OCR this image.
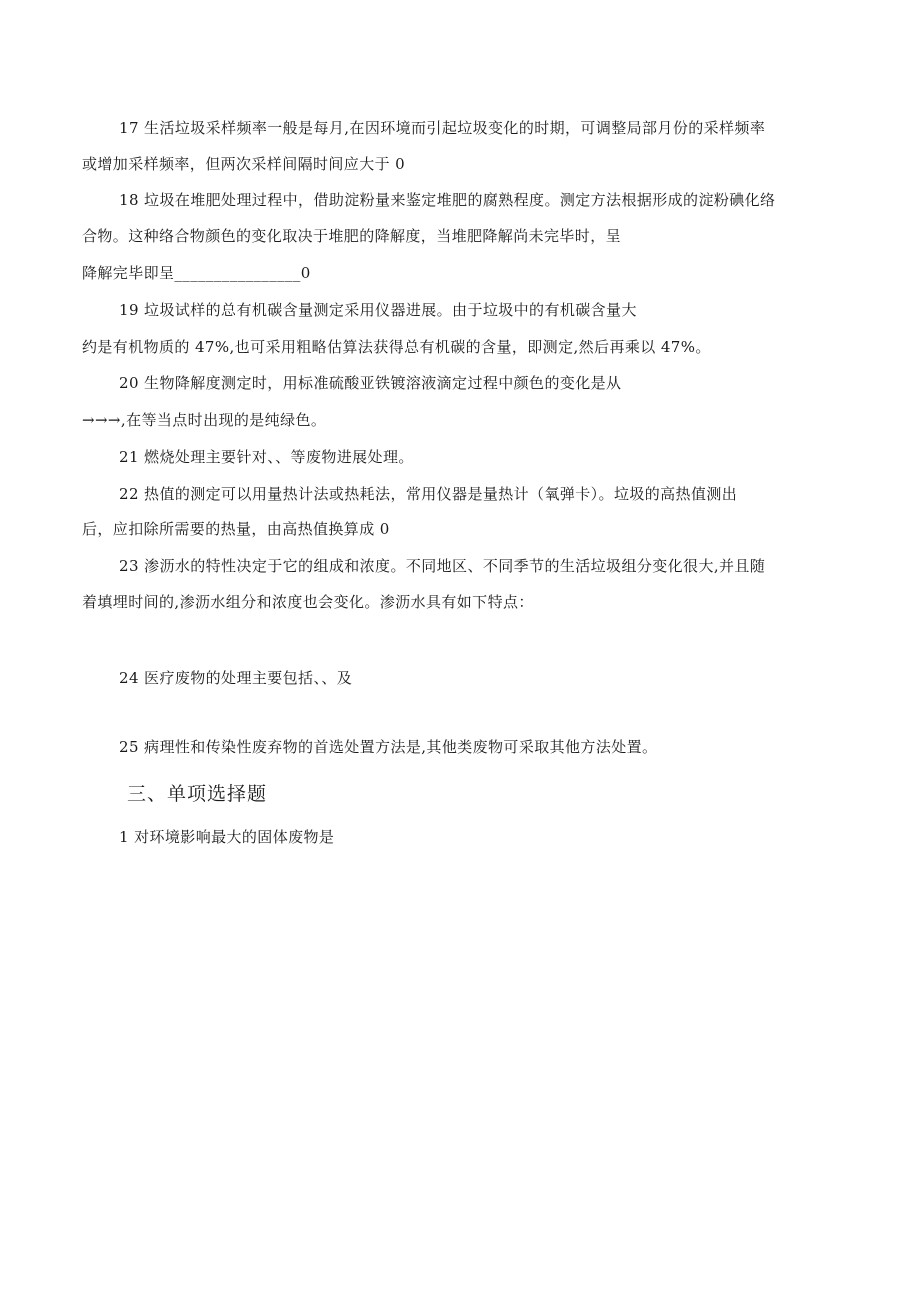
17 生活垃圾采样频率一般是每月,在因环境而引起垃圾变化的时期，可调整局部月份的采样频率
或增加采样频率，但两次采样间隔时间应大于 0
18 垃圾在堆肥处理过程中，借助淀粉量来鉴定堆肥的腐熟程度。测定方法根据形成的淀粉碘化络
合物。这种络合物颜色的变化取决于堆肥的降解度，当堆肥降解尚未完毕时，呈
降解完毕即呈________________0
19 垃圾试样的总有机碳含量测定采用仪器进展。由于垃圾中的有机碳含量大
约是有机物质的 47%,也可采用粗略估算法获得总有机碳的含量，即测定,然后再乘以 47%。
20 生物降解度测定时，用标准硫酸亚铁镀溶液滴定过程中颜色的变化是从
→→→,在等当点时出现的是纯绿色。
21 燃烧处理主要针对、、等废物进展处理。
22 热值的测定可以用量热计法或热耗法，常用仪器是量热计（氧弹卡）。垃圾的高热值测出
后，应扣除所需要的热量，由高热值换算成 0
23 渗沥水的特性决定于它的组成和浓度。不同地区、不同季节的生活垃圾组分变化很大,并且随
着填埋时间的,渗沥水组分和浓度也会变化。渗沥水具有如下特点：
24 医疗废物的处理主要包括、、及
25 病理性和传染性废弃物的首选处置方法是,其他类废物可采取其他方法处置。
三、单项选择题
1 对环境影响最大的固体废物是
